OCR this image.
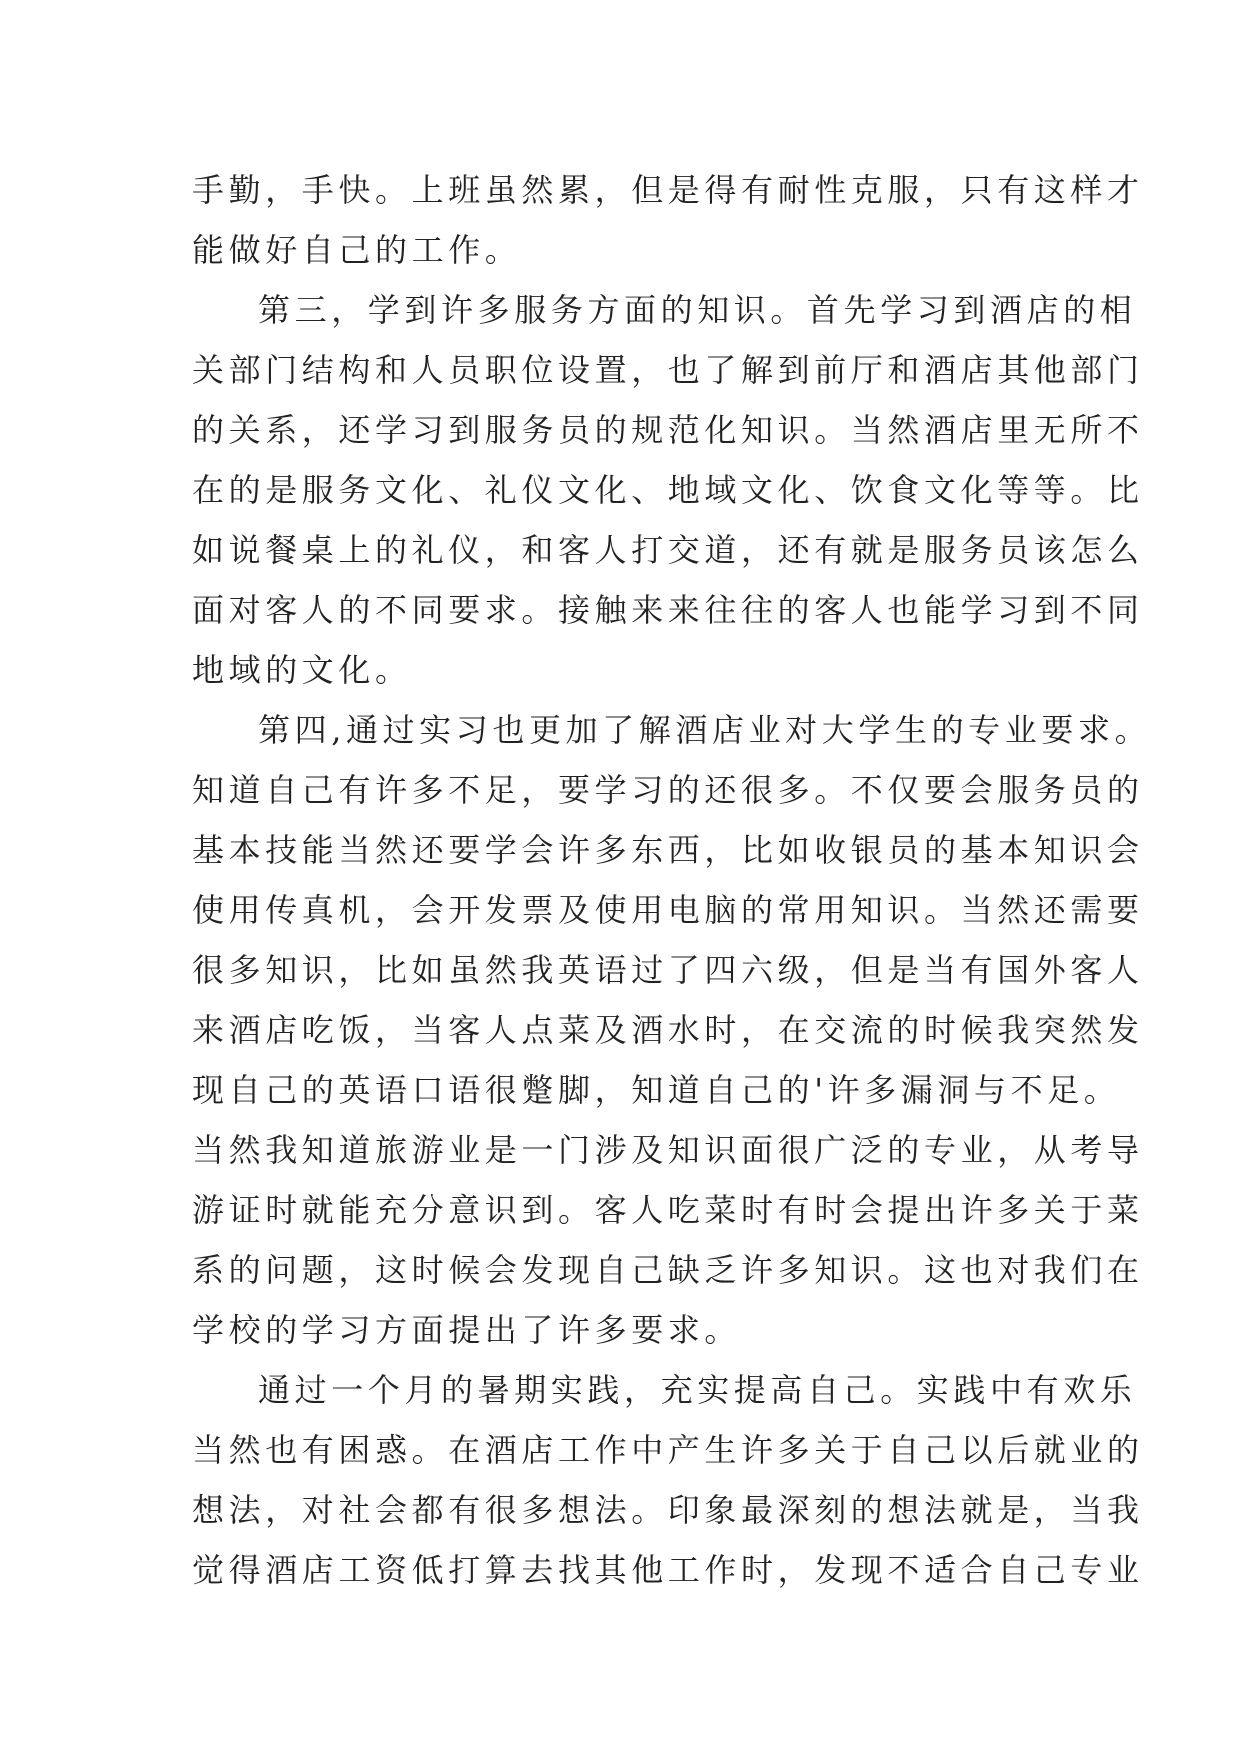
手勤，手快。上班虽然累，但是得有耐性克服，只有这样才
能做好自己的工作。
第三，学到许多服务方面的知识。首先学习到酒店的相
关部门结构和人员职位设置，也了解到前厅和酒店其他部门
的关系，还学习到服务员的规范化知识。当然酒店里无所不
在的是服务文化、礼仪文化、地域文化、饮食文化等等。比
如说餐桌上的礼仪，和客人打交道，还有就是服务员该怎么
面对客人的不同要求。接触来来往往的客人也能学习到不同
地域的文化。
第四,通过实习也更加了解酒店业对大学生的专业要求。
知道自己有许多不足，要学习的还很多。不仅要会服务员的
基本技能当然还要学会许多东西，比如收银员的基本知识会
使用传真机，会开发票及使用电脑的常用知识。当然还需要
很多知识，比如虽然我英语过了四六级，但是当有国外客人
来酒店吃饭，当客人点菜及酒水时，在交流的时候我突然发
现自己的英语口语很蹩脚，知道自己的'许多漏洞与不足。
当然我知道旅游业是一门涉及知识面很广泛的专业，从考导
游证时就能充分意识到。客人吃菜时有时会提出许多关于菜
系的问题，这时候会发现自己缺乏许多知识。这也对我们在
学校的学习方面提出了许多要求。
通过一个月的暑期实践，充实提高自己。实践中有欢乐
当然也有困惑。在酒店工作中产生许多关于自己以后就业的
想法，对社会都有很多想法。印象最深刻的想法就是，当我
觉得酒店工资低打算去找其他工作时，发现不适合自己专业
